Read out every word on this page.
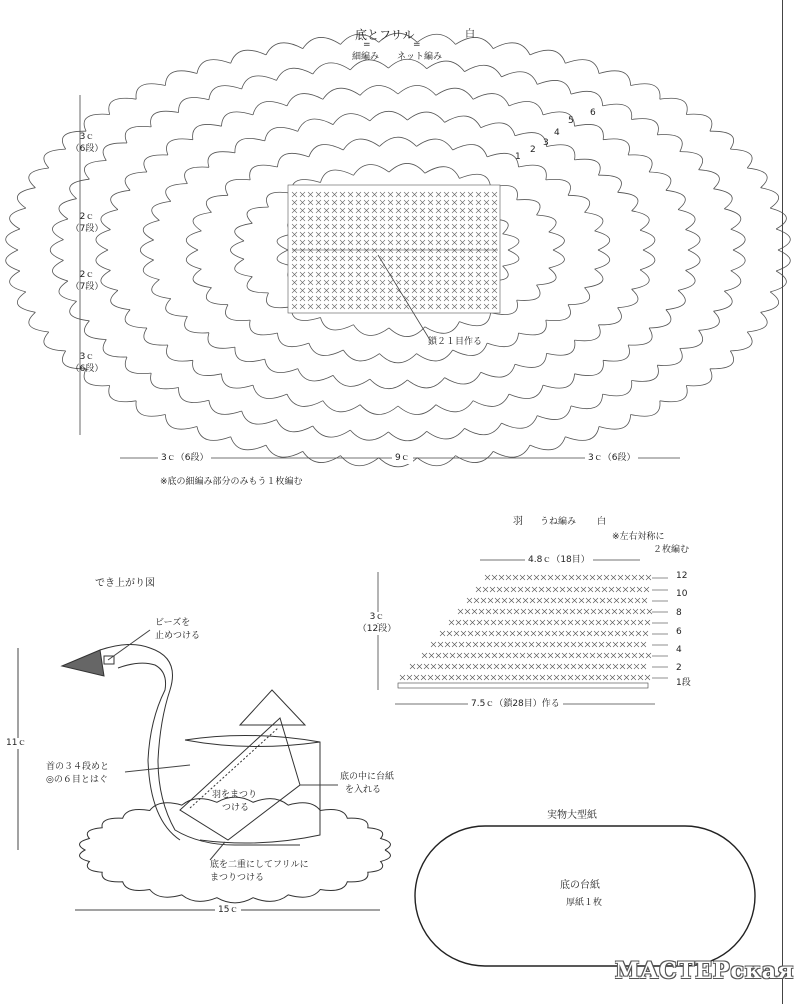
底とフリル	白
=	=
細編み ネット編み
3ｃ
（6段）
2ｃ
（7段）
2ｃ
（7段）
3ｃ
（6段）
3ｃ（6段）	9ｃ	3ｃ（6段）
鎖２１目作る
※底の細編み部分のみもう１枚編む
1
2
3
4
5
6
羽 うね編み 白
※左右対称に
２枚編む
4.8ｃ（18目）
3ｃ
（12段）
7.5ｃ（鎖28目）作る
12
10
8
6
4
2
1段
でき上がり図
11ｃ
15ｃ
ビーズを
止めつける
首の３４段めと
◎の６目とはぐ
羽をまつり
つける
底の中に台紙
を入れる
底を二重にしてフリルに
まつりつける
実物大型紙
底の台紙
厚紙１枚
МАСТЕРская
